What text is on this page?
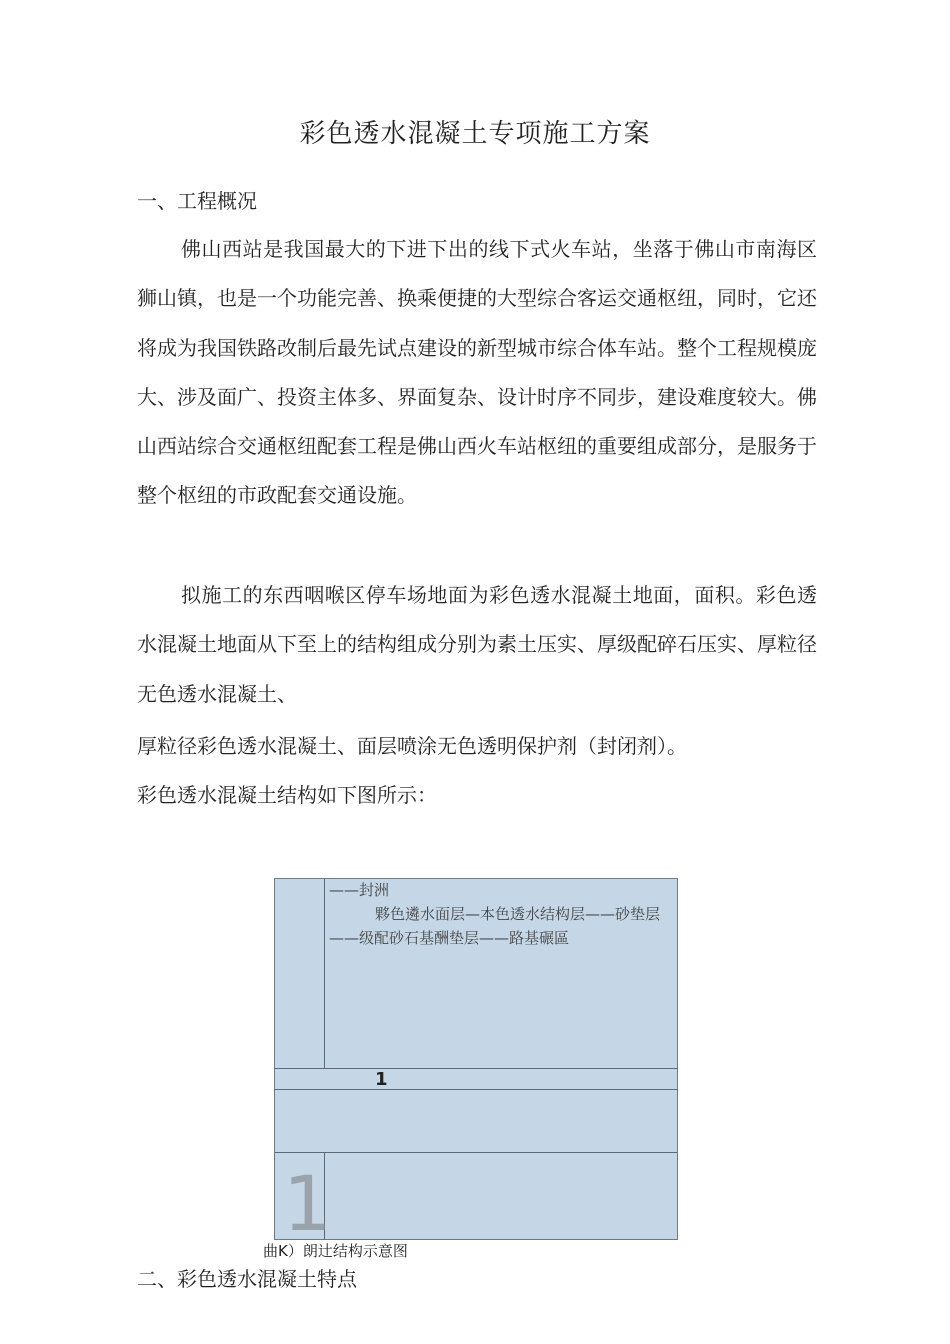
彩色透水混凝土专项施工方案

一、工程概况

佛山西站是我国最大的下进下出的线下式火车站，坐落于佛山市南海区狮山镇，也是一个功能完善、换乘便捷的大型综合客运交通枢纽，同时，它还将成为我国铁路改制后最先试点建设的新型城市综合体车站。整个工程规模庞大、涉及面广、投资主体多、界面复杂、设计时序不同步，建设难度较大。佛山西站综合交通枢纽配套工程是佛山西火车站枢纽的重要组成部分，是服务于整个枢纽的市政配套交通设施。

拟施工的东西咽喉区停车场地面为彩色透水混凝土地面，面积。彩色透水混凝土地面从下至上的结构组成分别为素土压实、厚级配碎石压实、厚粒径无色透水混凝土、

厚粒径彩色透水混凝土、面层喷涂无色透明保护剂（封闭剂）。

彩色透水混凝土结构如下图所示：

——封洲
夥色遴水面层—本色透水结构层——砂垫层——级配砂石基酬垫层——路基碾區
1
1
曲K）朗辻结构示意图

二、彩色透水混凝土特点
